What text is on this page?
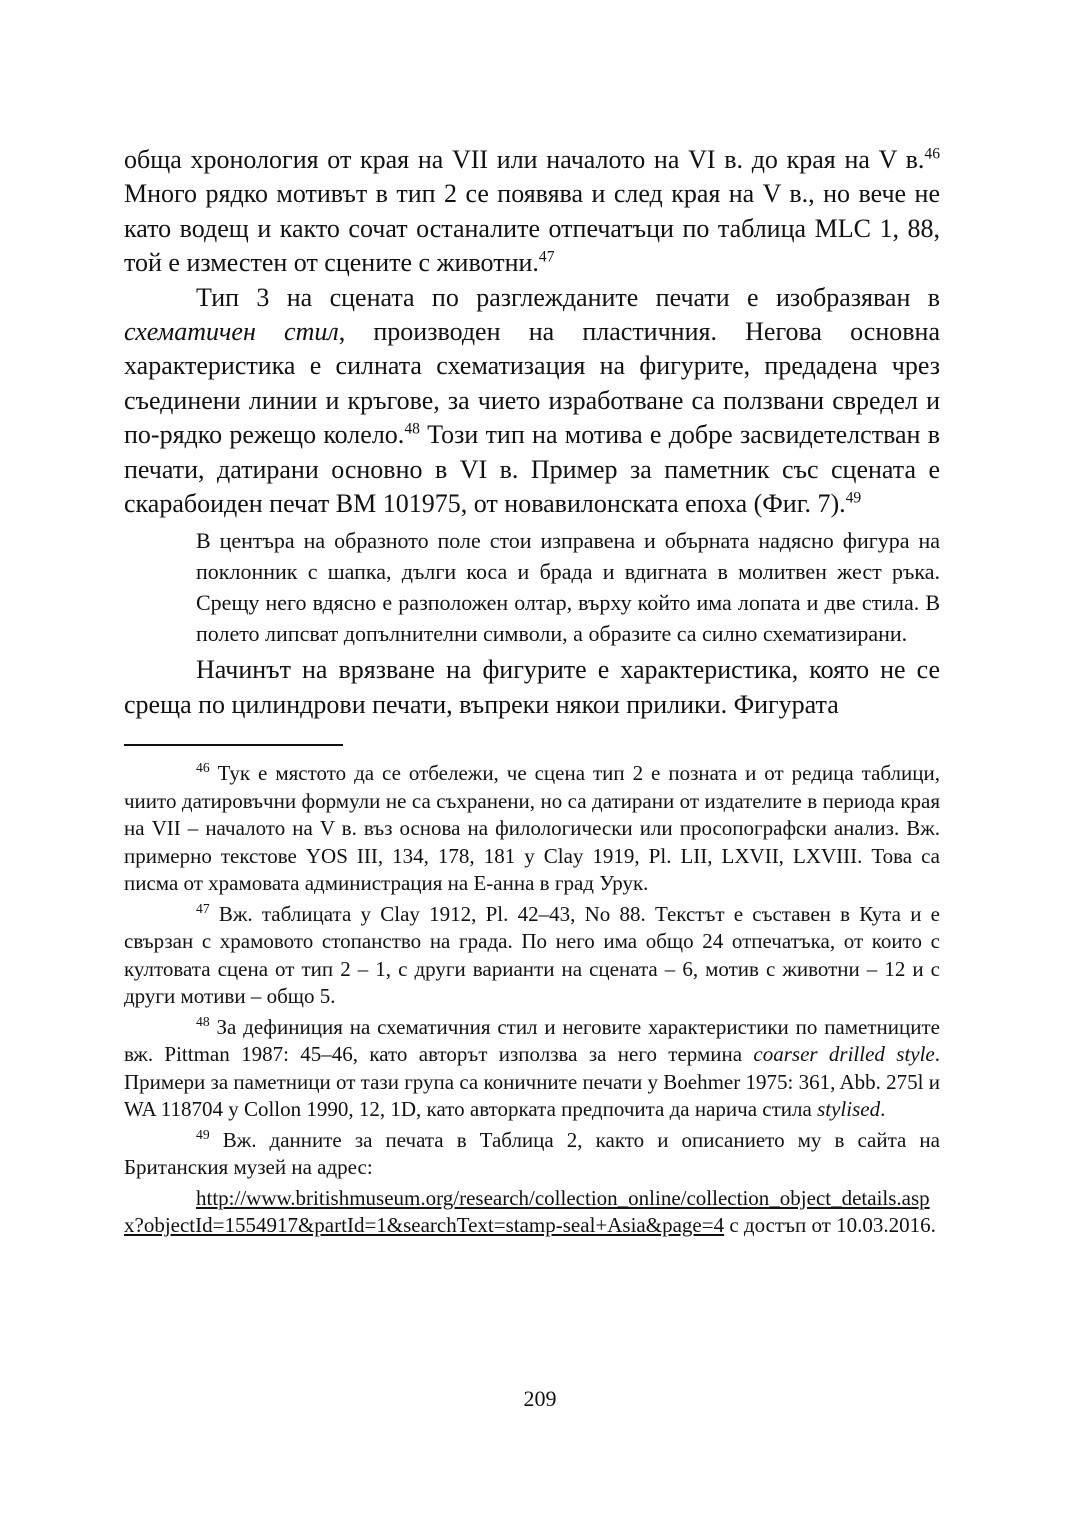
обща хронология от края на VII или началото на VI в. до края на V в.$^{46}$ Много рядко мотивът в тип 2 се появява и след края на V в., но вече не като водещ и както сочат останалите отпечатъци по таблица MLC 1, 88, той е изместен от сцените с животни.$^{47}$

Тип 3 на сцената по разглежданите печати е изобразяван в схематичен стил, производен на пластичния. Негова основна характеристика е силната схематизация на фигурите, предадена чрез съединени линии и кръгове, за чието изработване са ползвани свредел и по-рядко режещо колело.$^{48}$ Този тип на мотива е добре засвидетелстван в печати, датирани основно в VI в. Пример за паметник със сцената е скарабоиден печат BM 101975, от новавилонската епоха (Фиг. 7).$^{49}$

В центъра на образното поле стои изправена и обърната надясно фигура на поклонник с шапка, дълги коса и брада и вдигната в молитвен жест ръка. Срещу него вдясно е разположен олтар, върху който има лопата и две стила. В полето липсват допълнителни символи, а образите са силно схематизирани.

Начинът на врязване на фигурите е характеристика, която не се среща по цилиндрови печати, въпреки някои прилики. Фигурата

$^{46}$ Тук е мястото да се отбележи, че сцена тип 2 е позната и от редица таблици, чиито датировъчни формули не са съхранени, но са датирани от издателите в периода края на VII – началото на V в. въз основа на филологически или просопографски анализ. Вж. примерно текстове YOS III, 134, 178, 181 у Clay 1919, Pl. LII, LXVII, LXVIII. Това са писма от храмовата администрация на Е-анна в град Урук.

$^{47}$ Вж. таблицата у Clay 1912, Pl. 42–43, No 88. Текстът е съставен в Кута и е свързан с храмовото стопанство на града. По него има общо 24 отпечатъка, от които с култовата сцена от тип 2 – 1, с други варианти на сцената – 6, мотив с животни – 12 и с други мотиви – общо 5.

$^{48}$ За дефиниция на схематичния стил и неговите характеристики по паметниците вж. Pittman 1987: 45–46, като авторът използва за него термина coarser drilled style. Примери за паметници от тази група са коничните печати у Boehmer 1975: 361, Abb. 275l и WA 118704 у Collon 1990, 12, 1D, като авторката предпочита да нарича стила stylised.

$^{49}$ Вж. данните за печата в Таблица 2, както и описанието му в сайта на Британския музей на адрес:

http://www.britishmuseum.org/research/collection_online/collection_object_details.aspx?objectId=1554917&partId=1&searchText=stamp-seal+Asia&page=4 с достъп от 10.03.2016.

209
